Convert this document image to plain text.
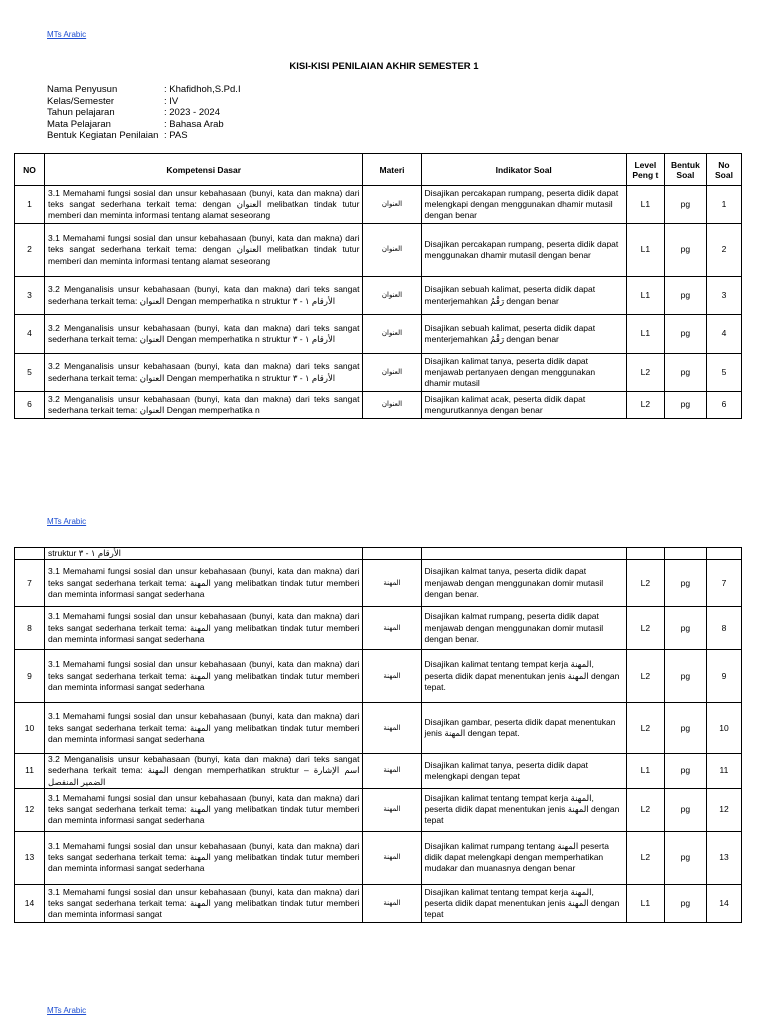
MTs Arabic
KISI-KISI PENILAIAN AKHIR SEMESTER 1
Nama Penyusun	: Khafidhoh,S.Pd.I
Kelas/Semester	: IV
Tahun pelajaran	: 2023 - 2024
Mata Pelajaran	: Bahasa Arab
Bentuk Kegiatan Penilaian : PAS
NO	Kompetensi Dasar	Materi	Indikator Soal	Level Peng t	Bentuk Soal	No Soal
1	3.1 Memahami fungsi sosial dan unsur kebahasaan (bunyi, kata dan makna) dari teks sangat sederhana terkait tema: dengan العنوان melibatkan tindak tutur memberi dan meminta informasi tentang alamat seseorang	العنوان	Disajikan percakapan rumpang, peserta didik dapat melengkapi dengan menggunakan dhamir mutasil dengan benar	L1	pg	1
2	3.1 Memahami fungsi sosial dan unsur kebahasaan (bunyi, kata dan makna) dari teks sangat sederhana terkait tema: dengan العنوان melibatkan tindak tutur memberi dan meminta informasi tentang alamat seseorang	العنوان	Disajikan percakapan rumpang, peserta didik dapat menggunakan dhamir mutasil dengan benar	L1	pg	2
3	3.2 Menganalisis unsur kebahasaan (bunyi, kata dan makna) dari teks sangat sederhana terkait tema: العنوان Dengan memperhatika n struktur الأرقام ١ - ٣	العنوان	Disajikan sebuah kalimat, peserta didik dapat menterjemahkan رَقْمُ dengan benar	L1	pg	3
4	3.2 Menganalisis unsur kebahasaan (bunyi, kata dan makna) dari teks sangat sederhana terkait tema: العنوان Dengan memperhatika n struktur الأرقام ١ - ٣	العنوان	Disajikan sebuah kalimat, peserta didik dapat menterjemahkan رَقْمُ dengan benar	L1	pg	4
5	3.2 Menganalisis unsur kebahasaan (bunyi, kata dan makna) dari teks sangat sederhana terkait tema: العنوان Dengan memperhatika n struktur الأرقام ١ - ٣	العنوان	Disajikan kalimat tanya, peserta didik dapat menjawab pertanyaen dengan menggunakan dhamir mutasil	L2	pg	5
6	3.2 Menganalisis unsur kebahasaan (bunyi, kata dan makna) dari teks sangat sederhana terkait tema: العنوان Dengan memperhatika n	العنوان	Disajikan kalimat acak, peserta didik dapat mengurutkannya dengan benar	L2	pg	6
MTs Arabic
	struktur الأرقام ١ - ٣					
7	3.1 Memahami fungsi sosial dan unsur kebahasaan (bunyi, kata dan makna) dari teks sangat sederhana terkait tema: المهنة yang melibatkan tindak tutur memberi dan meminta informasi sangat sederhana	المهنة	Disajikan kalmat tanya, peserta didik dapat menjawab dengan menggunakan domir mutasil dengan benar.	L2	pg	7
8	3.1 Memahami fungsi sosial dan unsur kebahasaan (bunyi, kata dan makna) dari teks sangat sederhana terkait tema: المهنة yang melibatkan tindak tutur memberi dan meminta informasi sangat sederhana	المهنة	Disajikan kalmat rumpang, peserta didik dapat menjawab dengan menggunakan domir mutasil dengan benar.	L2	pg	8
9	3.1 Memahami fungsi sosial dan unsur kebahasaan (bunyi, kata dan makna) dari teks sangat sederhana terkait tema: المهنة yang melibatkan tindak tutur memberi dan meminta informasi sangat sederhana	المهنة	Disajikan kalimat tentang tempat kerja المهنة, peserta didik dapat menentukan jenis المهنة dengan tepat.	L2	pg	9
10	3.1 Memahami fungsi sosial dan unsur kebahasaan (bunyi, kata dan makna) dari teks sangat sederhana terkait tema: المهنة yang melibatkan tindak tutur memberi dan meminta informasi sangat sederhana	المهنة	Disajikan gambar, peserta didik dapat menentukan jenis المهنة dengan tepat.	L2	pg	10
11	3.2 Menganalisis unsur kebahasaan (bunyi, kata dan makna) dari teks sangat sederhana terkait tema: المهنة dengan memperhatikan struktur اسم الإشارة – الضمير المنفصل	المهنة	Disajikan kalimat tanya, peserta didik dapat melengkapi dengan tepat	L1	pg	11
12	3.1 Memahami fungsi sosial dan unsur kebahasaan (bunyi, kata dan makna) dari teks sangat sederhana terkait tema: المهنة yang melibatkan tindak tutur memberi dan meminta informasi sangat sederhana	المهنة	Disajikan kalimat tentang tempat kerja المهنة, peserta didik dapat menentukan jenis المهنة dengan tepat	L2	pg	12
13	3.1 Memahami fungsi sosial dan unsur kebahasaan (bunyi, kata dan makna) dari teks sangat sederhana terkait tema: المهنة yang melibatkan tindak tutur memberi dan meminta informasi sangat sederhana	المهنة	Disajikan kalimat rumpang tentang المهنة peserta didik dapat melengkapi dengan memperhatikan mudakar dan muanasnya dengan benar	L2	pg	13
14	3.1 Memahami fungsi sosial dan unsur kebahasaan (bunyi, kata dan makna) dari teks sangat sederhana terkait tema: المهنة yang melibatkan tindak tutur memberi dan meminta informasi sangat	المهنة	Disajikan kalimat tentang tempat kerja المهنة, peserta didik dapat menentukan jenis المهنة dengan tepat	L1	pg	14
MTs Arabic
